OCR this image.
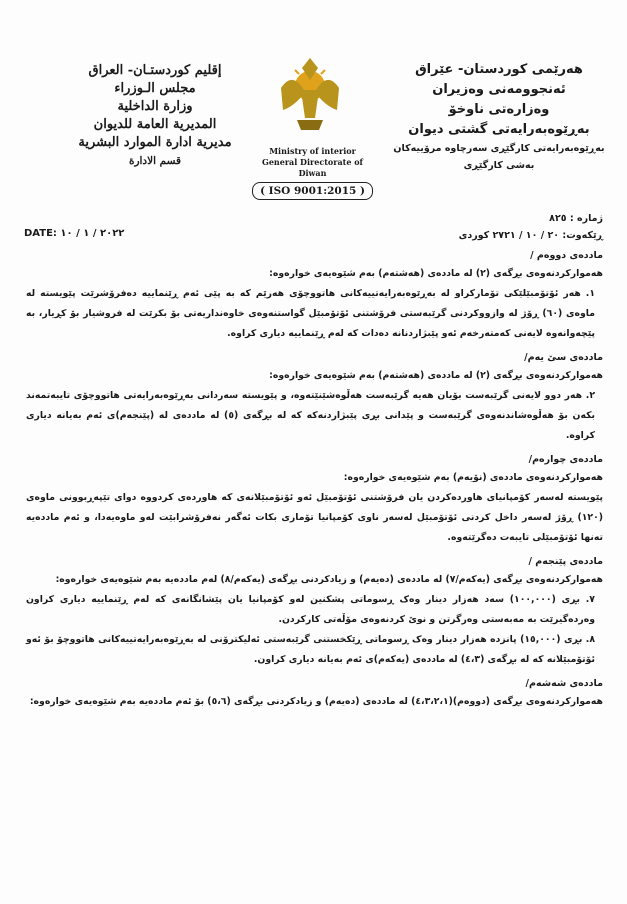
إقليم كوردستـان- العراق
مجلس الـوزراء
وزارة الداخلية
المديرية العامة للديوان
مديرية ادارة الموارد البشرية
قسم الادارة
Ministry of interior
General Directorate of Diwan
( ISO 9001:2015 )
هەرێمی کوردستان- عێراق
ئەنجوومەنی وەزیران
وەزارەتی ناوخۆ
بەڕێوەبەرایەتی گشتی دیوان
بەڕێوەبەرایەتی کارگێڕی سەرچاوە مرۆییەکان
بەشی کارگێڕی
ژمارە : ٨٢٥
ڕێکەوت: ٢٠ / ١٠ / ٢٧٢١ کوردی
DATE: ٢٠٢٢ / ١ / ١٠
ماددەی دووەم /

هەموارکردنەوەی بڕگەی (٢) لە ماددەی (هەشتەم) بەم شێوەیەی خوارەوە:

١. هەر ئۆتۆمبێلێکی تۆمارکراو لە بەڕێوەبەرایەتییەکانی هاتووچۆی هەرێم کە بە پێی ئەم ڕێنماییە دەفرۆشرێت پێویستە لە ماوەی (٦٠) ڕۆژ لە وازووکردنی گرێبەستی فرۆشتنی ئۆتۆمبێل گواستنەوەی خاوەنداریەتی بۆ بکرێت لە فروشیار بۆ کڕیار، بە پێچەوانەوە لایەنی کەمتەرخەم ئەو پێبژاردنانە دەدات کە لەم ڕێنماییە دیاری کراوە.

ماددەی سێ یەم/

هەموارکردنەوەی بڕگەی (٢) لە ماددەی (هەشتەم) بەم شێوەیەی خوارەوە:

٢. هەر دوو لایەنی گرێبەست بۆیان هەیە گرێبەست هەڵوەشێنێتەوە، و پێویستە سەردانی بەڕێوەبەرایەتی هاتووچۆی تایبەتمەند بکەن بۆ هەڵوەشاندنەوەی گرێبەست و پێدانی بڕی پێبژاردنەکە کە لە بڕگەی (٥) لە ماددەی لە (پێنجەم)ی ئەم بەیانە دیاری کراوە.

ماددەی چوارەم/

هەموارکردنەوەی ماددەی (نۆیەم) بەم شێوەیەی خوارەوە:

پێویستە لەسەر کۆمپانیای هاوردەکردن یان فرۆشتنی ئۆتۆمبێل ئەو ئۆتۆمبێلانەی کە هاوردەی کردووە دوای تێپەڕبوونی ماوەی (١٢٠) ڕۆژ لەسەر داخل کردنی ئۆتۆمبێل لەسەر ناوی کۆمپانیا تۆماری بکات ئەگەر نەفرۆشرابێت لەو ماوەیەدا، و ئەم ماددەیە تەنها ئۆتۆمبێلی تایبەت دەگرێتەوە.

ماددەی پێنجەم /

هەموارکردنەوەی بڕگەی (یەکەم/٧) لە ماددەی (دەیەم) و زیادکردنی بڕگەی (یەکەم/٨) لەم ماددەیە بەم شێوەیەی خوارەوە:

٧. بڕی (١٠٠,٠٠٠) سەد هەزار دینار وەک ڕسوماتی پشکنین لەو کۆمپانیا یان پێشانگانەی کە لەم ڕێنماییە دیاری کراون وەردەگیرێت بە مەبەستی وەرگرتن و نوێ کردنەوەی مۆڵەتی کارکردن.

٨. بڕی (١٥,٠٠٠) پانزدە هەزار دینار وەک ڕسوماتی ڕێکخستنی گرێبەستی ئەلیکترۆنی لە بەڕێوەبەرایەتییەکانی هاتووچۆ بۆ ئەو ئۆتۆمبێلانە کە لە بڕگەی (٤،٣) لە ماددەی (یەکەم)ی ئەم بەیانە دیاری کراون.

ماددەی شەشەم/

هەموارکردنەوەی بڕگەی (دووەم)(٤،٣،٢،١) لە ماددەی (دەیەم) و زیادکردنی بڕگەی (٥،٦) بۆ ئەم ماددەیە بەم شێوەیەی خوارەوە:
